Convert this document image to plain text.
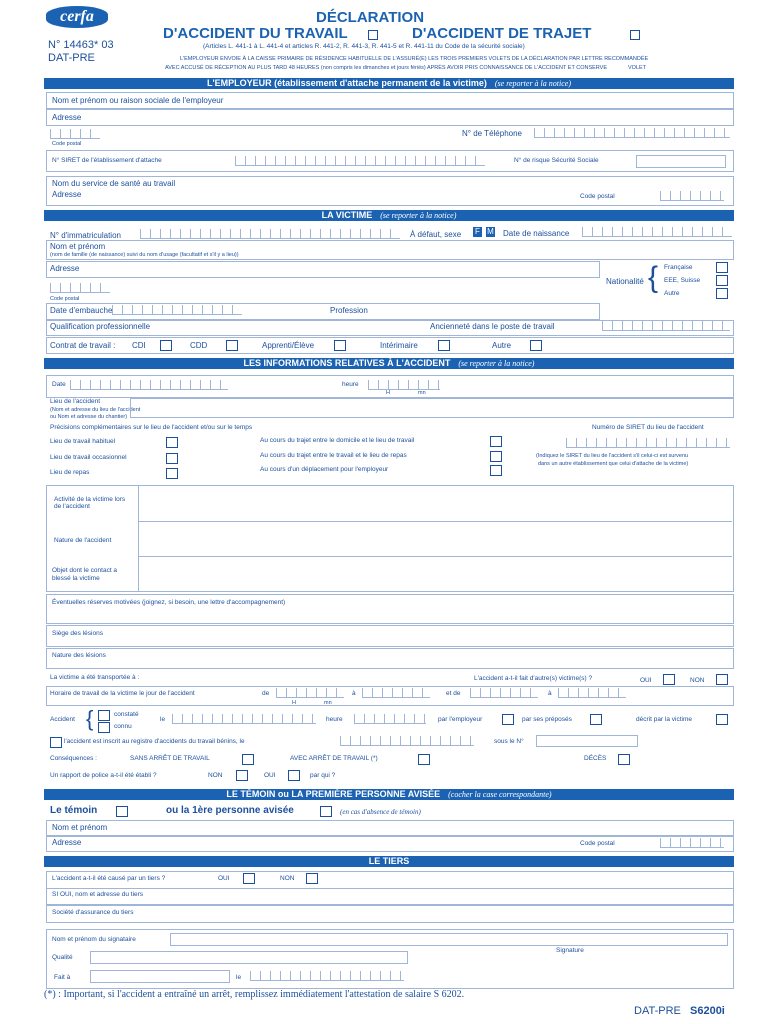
cerfa
N° 14463* 03
DAT-PRE
DÉCLARATION
D'ACCIDENT DU TRAVAIL	D'ACCIDENT DE TRAJET
(Articles L. 441-1 à L. 441-4 et articles R. 441-2, R. 441-3, R. 441-5 et R. 441-11 du Code de la sécurité sociale)
L'EMPLOYEUR ENVOIE À LA CAISSE PRIMAIRE DE RÉSIDENCE HABITUELLE DE L'ASSURÉ(E) LES TROIS PREMIERS VOLETS DE LA DÉCLARATION PAR LETTRE RECOMMANDÉE
AVEC ACCUSÉ DE RÉCEPTION AU PLUS TARD 48 HEURES (non compris les dimanches et jours fériés) APRÈS AVOIR PRIS CONNAISSANCE DE L'ACCIDENT ET CONSERVE	VOLET
L'EMPLOYEUR (établissement d'attache permanent de la victime) (se reporter à la notice)
Nom et prénom ou raison sociale de l'employeur
Adresse
N° de Téléphone
Code postal
N° SIRET de l'établissement d'attache	N° de risque Sécurité Sociale
Nom du service de santé au travail
Adresse	Code postal
LA VICTIME (se reporter à la notice)
N° d'immatriculation	À défaut, sexe F M Date de naissance
Nom et prénom
(nom de famille (de naissance) suivi du nom d'usage (facultatif et s'il y a lieu))
Adresse
Nationalité { Française
EEE, Suisse
Autre
Code postal
Date d'embauche	Profession
Qualification professionnelle	Ancienneté dans le poste de travail
Contrat de travail : CDI	CDD	Apprenti/Élève	Intérimaire	Autre
LES INFORMATIONS RELATIVES À L'ACCIDENT (se reporter à la notice)
Date	heure
H	mn
Lieu de l'accident
(Nom et adresse du lieu de l'accident
ou Nom et adresse du chantier)
Précisions complémentaires sur le lieu de l'accident et/ou sur le temps	Numéro de SIRET du lieu de l'accident
Lieu de travail habituel
Lieu de travail occasionnel
Lieu de repas
Au cours du trajet entre le domicile et le lieu de travail
Au cours du trajet entre le travail et le lieu de repas
Au cours d'un déplacement pour l'employeur
(Indiquez le SIRET du lieu de l'accident s'il celui-ci est survenu
dans un autre établissement que celui d'attache de la victime)
Activité de la victime lors de l'accident
Nature de l'accident
Objet dont le contact a blessé la victime
Éventuelles réserves motivées (joignez, si besoin, une lettre d'accompagnement)
Siège des lésions
Nature des lésions
La victime a été transportée à :	L'accident a-t-il fait d'autre(s) victime(s) ?	OUI	NON
Horaire de travail de la victime le jour de l'accident	de	à	et de	à
H	mn
Accident {	constaté
connu
le	heure	par l'employeur	par ses préposés	décrit par la victime
l'accident est inscrit au registre d'accidents du travail bénins, le	sous le N°
Conséquences :	SANS ARRÊT DE TRAVAIL	AVEC ARRÊT DE TRAVAIL (*)	DÉCÈS
Un rapport de police a-t-il été établi ?	NON	OUI	par qui ?
LE TÉMOIN ou LA PREMIÈRE PERSONNE AVISÉE (cocher la case correspondante)
Le témoin	ou la 1ère personne avisée	(en cas d'absence de témoin)
Nom et prénom
Adresse	Code postal
LE TIERS
L'accident a-t-il été causé par un tiers ?	OUI	NON
SI OUI, nom et adresse du tiers
Société d'assurance du tiers
Nom et prénom du signataire
Qualité
Signature
Fait à	le
(*) : Important, si l'accident a entraîné un arrêt, remplissez immédiatement l'attestation de salaire S 6202.
DAT-PRE S6200i
